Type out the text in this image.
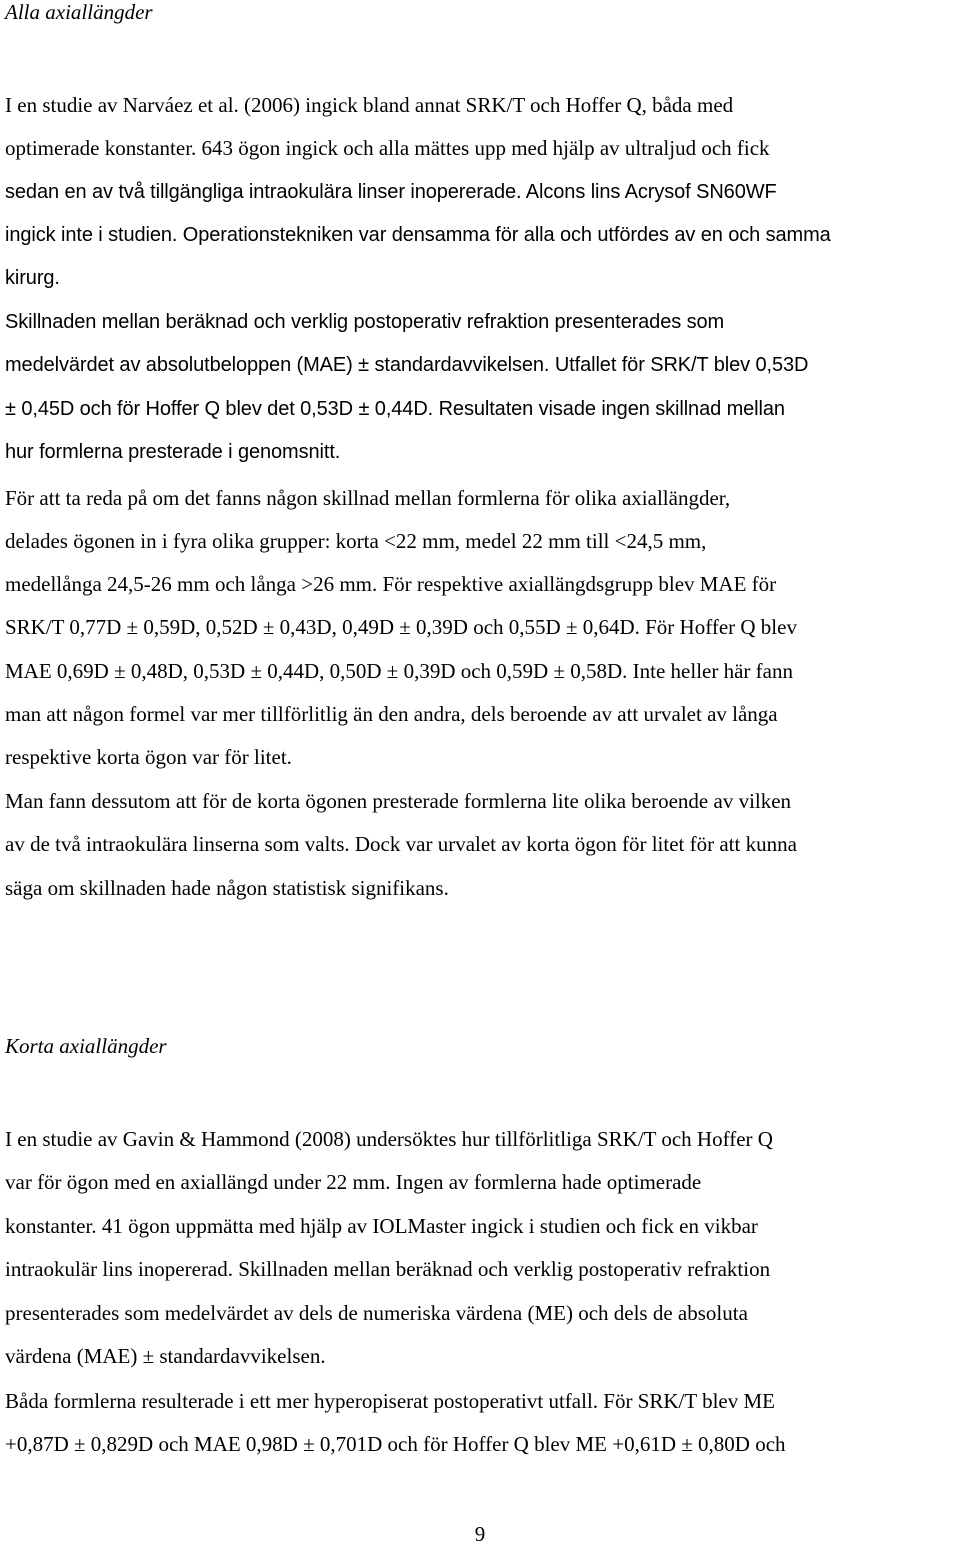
Alla axiallängder

I en studie av Narváez et al. (2006) ingick bland annat SRK/T och Hoffer Q, båda med

optimerade konstanter. 643 ögon ingick och alla mättes upp med hjälp av ultraljud och fick

sedan en av två tillgängliga intraokulära linser inopererade. Alcons lins Acrysof SN60WF

ingick inte i studien. Operationstekniken var densamma för alla och utfördes av en och samma

kirurg.

Skillnaden mellan beräknad och verklig postoperativ refraktion presenterades som

medelvärdet av absolutbeloppen (MAE) ± standardavvikelsen. Utfallet för SRK/T blev 0,53D

± 0,45D och för Hoffer Q blev det 0,53D ± 0,44D. Resultaten visade ingen skillnad mellan

hur formlerna presterade i genomsnitt.

För att ta reda på om det fanns någon skillnad mellan formlerna för olika axiallängder,

delades ögonen in i fyra olika grupper: korta <22 mm, medel 22 mm till <24,5 mm,

medellånga 24,5-26 mm och långa >26 mm. För respektive axiallängdsgrupp blev MAE för

SRK/T 0,77D ± 0,59D, 0,52D ± 0,43D, 0,49D ± 0,39D och 0,55D ± 0,64D. För Hoffer Q blev

MAE 0,69D ± 0,48D, 0,53D ± 0,44D, 0,50D ± 0,39D och 0,59D ± 0,58D. Inte heller här fann

man att någon formel var mer tillförlitlig än den andra, dels beroende av att urvalet av långa

respektive korta ögon var för litet.

Man fann dessutom att för de korta ögonen presterade formlerna lite olika beroende av vilken

av de två intraokulära linserna som valts. Dock var urvalet av korta ögon för litet för att kunna

säga om skillnaden hade någon statistisk signifikans.

Korta axiallängder

I en studie av Gavin & Hammond (2008) undersöktes hur tillförlitliga SRK/T och Hoffer Q

var för ögon med en axiallängd under 22 mm. Ingen av formlerna hade optimerade

konstanter. 41 ögon uppmätta med hjälp av IOLMaster ingick i studien och fick en vikbar

intraokulär lins inopererad. Skillnaden mellan beräknad och verklig postoperativ refraktion

presenterades som medelvärdet av dels de numeriska värdena (ME) och dels de absoluta

värdena (MAE) ± standardavvikelsen.

Båda formlerna resulterade i ett mer hyperopiserat postoperativt utfall. För SRK/T blev ME

+0,87D ± 0,829D och MAE 0,98D ± 0,701D och för Hoffer Q blev ME +0,61D ± 0,80D och

9
